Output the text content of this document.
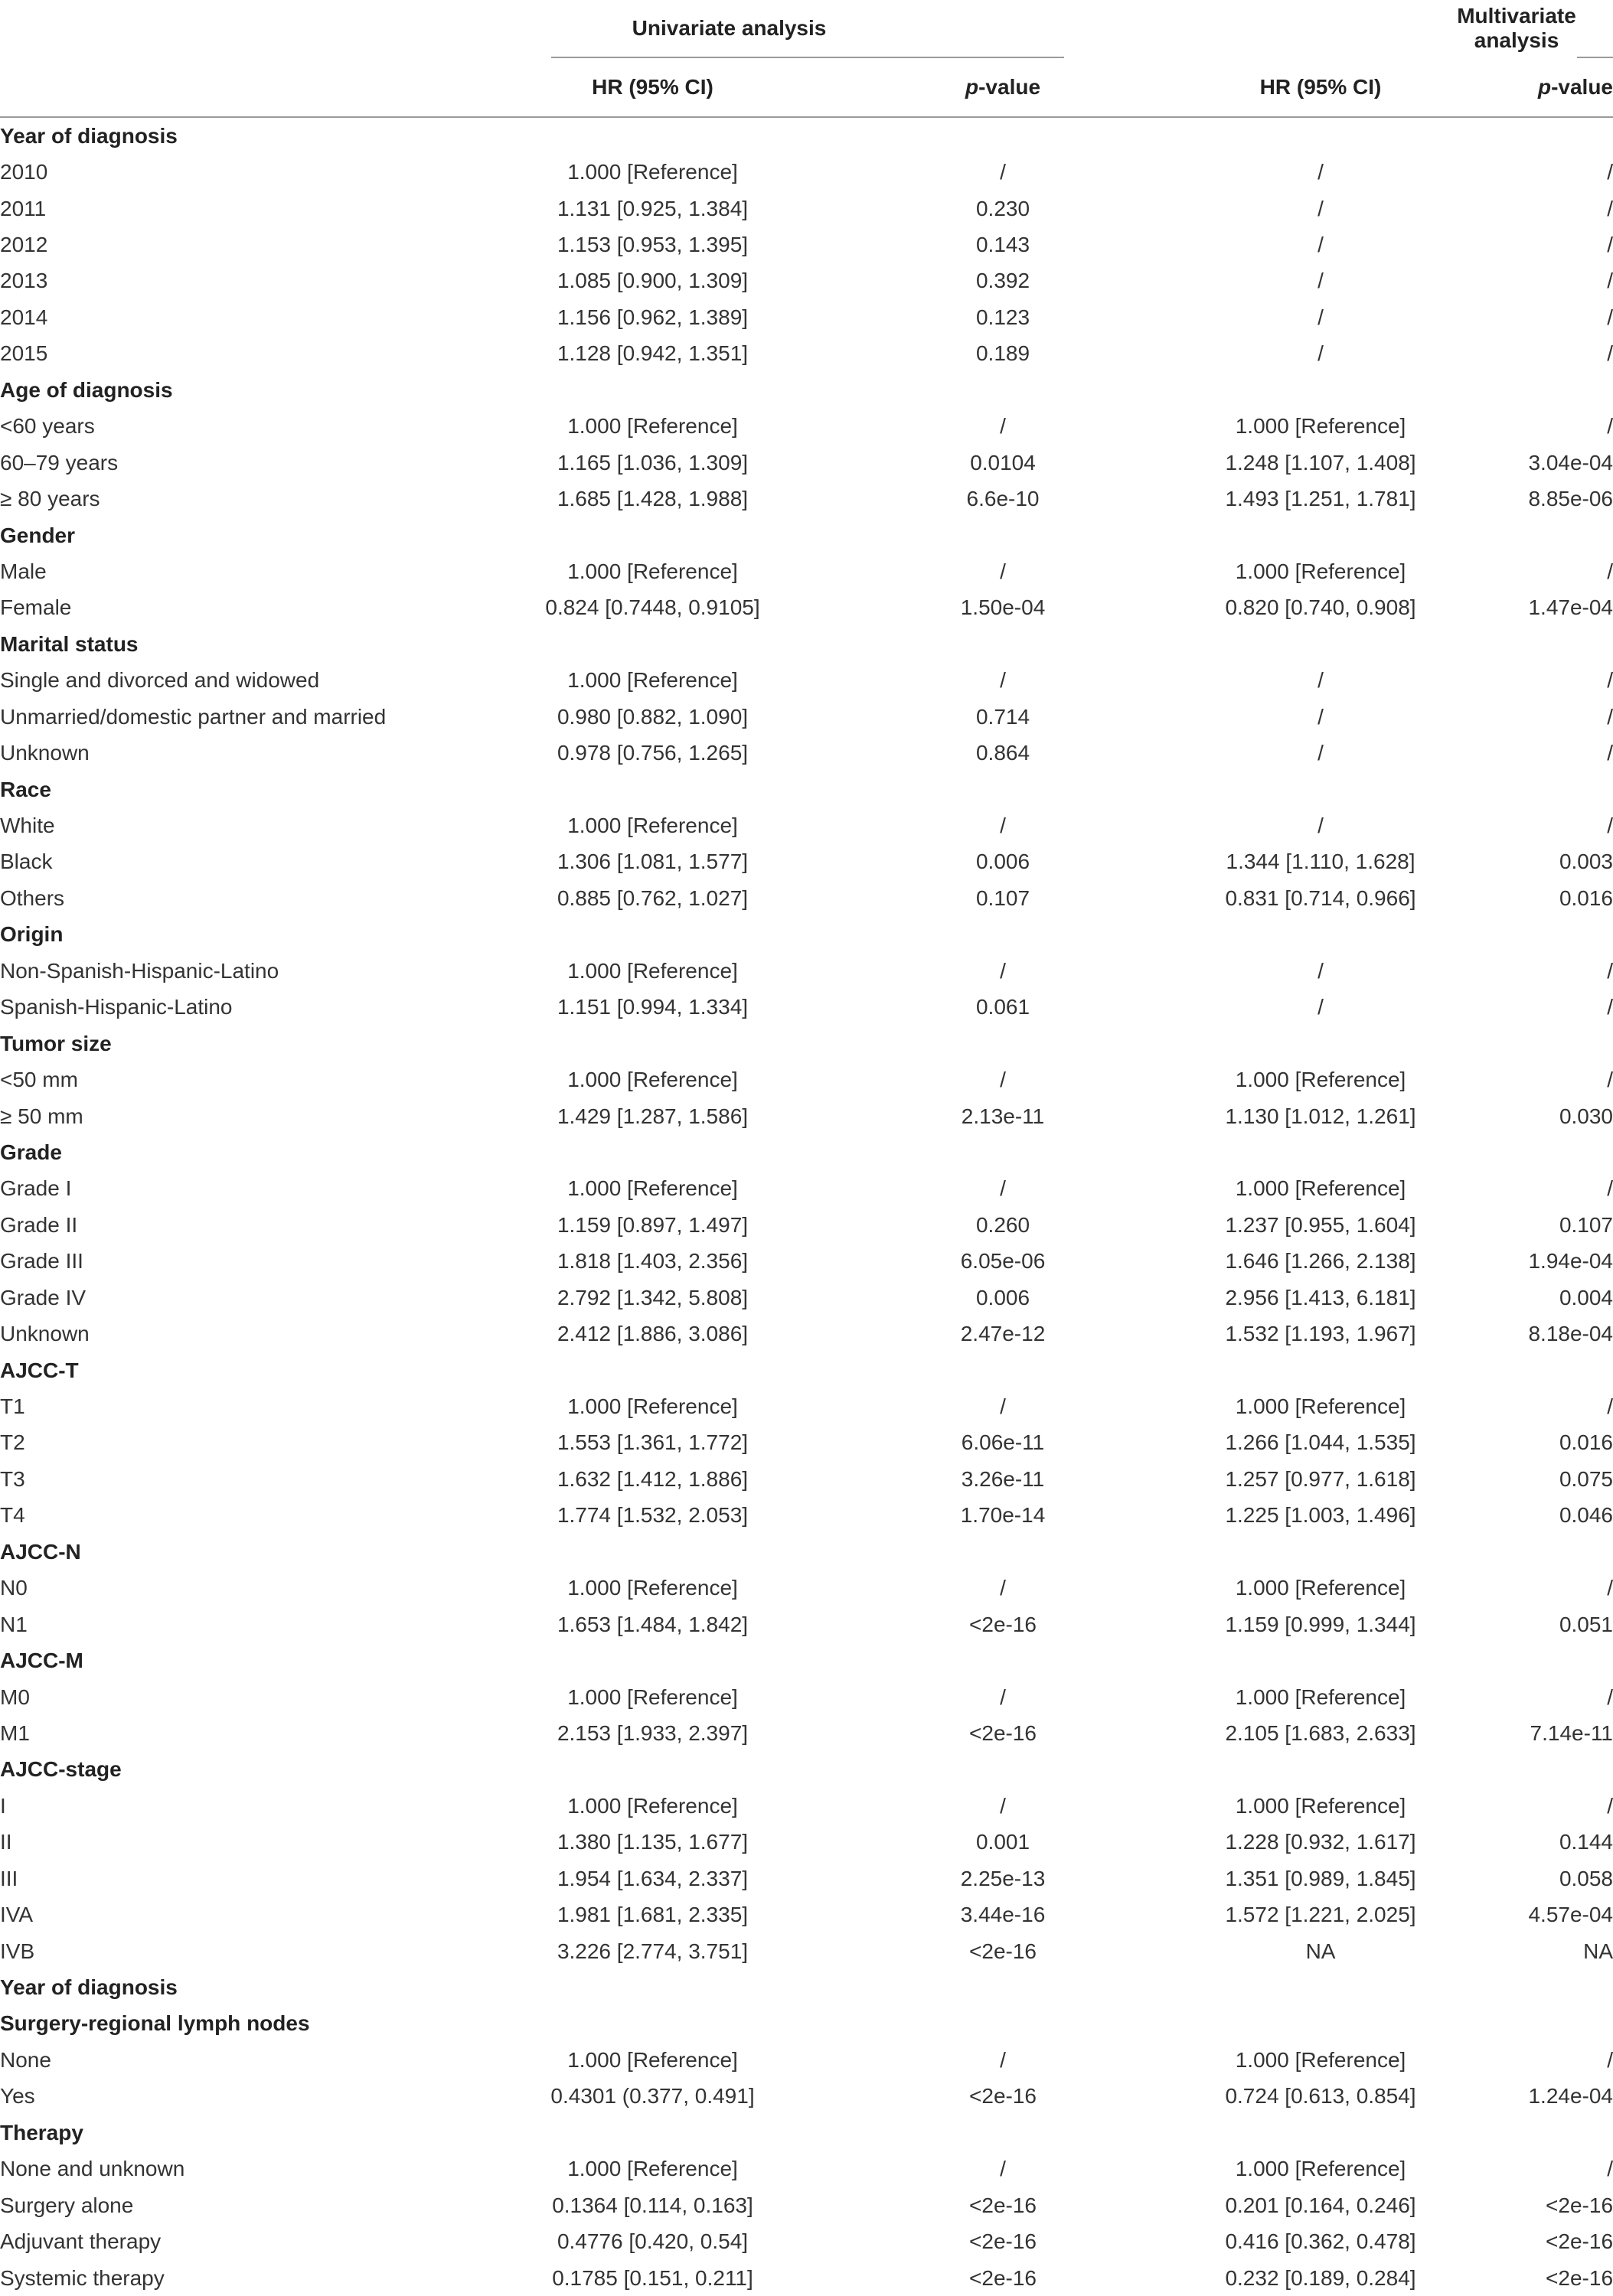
	Univariate analysis		Multivariate analysis	

	HR (95% CI)	p-value	HR (95% CI)	p-value
Year of diagnosis				
2010	1.000 [Reference]	/	/	/
2011	1.131 [0.925, 1.384]	0.230	/	/
2012	1.153 [0.953, 1.395]	0.143	/	/
2013	1.085 [0.900, 1.309]	0.392	/	/
2014	1.156 [0.962, 1.389]	0.123	/	/
2015	1.128 [0.942, 1.351]	0.189	/	/
Age of diagnosis				
<60 years	1.000 [Reference]	/	1.000 [Reference]	/
60–79 years	1.165 [1.036, 1.309]	0.0104	1.248 [1.107, 1.408]	3.04e-04
≥ 80 years	1.685 [1.428, 1.988]	6.6e-10	1.493 [1.251, 1.781]	8.85e-06
Gender				
Male	1.000 [Reference]	/	1.000 [Reference]	/
Female	0.824 [0.7448, 0.9105]	1.50e-04	0.820 [0.740, 0.908]	1.47e-04
Marital status				
Single and divorced and widowed	1.000 [Reference]	/	/	/
Unmarried/domestic partner and married	0.980 [0.882, 1.090]	0.714	/	/
Unknown	0.978 [0.756, 1.265]	0.864	/	/
Race				
White	1.000 [Reference]	/	/	/
Black	1.306 [1.081, 1.577]	0.006	1.344 [1.110, 1.628]	0.003
Others	0.885 [0.762, 1.027]	0.107	0.831 [0.714, 0.966]	0.016
Origin				
Non-Spanish-Hispanic-Latino	1.000 [Reference]	/	/	/
Spanish-Hispanic-Latino	1.151 [0.994, 1.334]	0.061	/	/
Tumor size				
<50 mm	1.000 [Reference]	/	1.000 [Reference]	/
≥ 50 mm	1.429 [1.287, 1.586]	2.13e-11	1.130 [1.012, 1.261]	0.030
Grade				
Grade I	1.000 [Reference]	/	1.000 [Reference]	/
Grade II	1.159 [0.897, 1.497]	0.260	1.237 [0.955, 1.604]	0.107
Grade III	1.818 [1.403, 2.356]	6.05e-06	1.646 [1.266, 2.138]	1.94e-04
Grade IV	2.792 [1.342, 5.808]	0.006	2.956 [1.413, 6.181]	0.004
Unknown	2.412 [1.886, 3.086]	2.47e-12	1.532 [1.193, 1.967]	8.18e-04
AJCC-T				
T1	1.000 [Reference]	/	1.000 [Reference]	/
T2	1.553 [1.361, 1.772]	6.06e-11	1.266 [1.044, 1.535]	0.016
T3	1.632 [1.412, 1.886]	3.26e-11	1.257 [0.977, 1.618]	0.075
T4	1.774 [1.532, 2.053]	1.70e-14	1.225 [1.003, 1.496]	0.046
AJCC-N				
N0	1.000 [Reference]	/	1.000 [Reference]	/
N1	1.653 [1.484, 1.842]	<2e-16	1.159 [0.999, 1.344]	0.051
AJCC-M				
M0	1.000 [Reference]	/	1.000 [Reference]	/
M1	2.153 [1.933, 2.397]	<2e-16	2.105 [1.683, 2.633]	7.14e-11
AJCC-stage				
I	1.000 [Reference]	/	1.000 [Reference]	/
II	1.380 [1.135, 1.677]	0.001	1.228 [0.932, 1.617]	0.144
III	1.954 [1.634, 2.337]	2.25e-13	1.351 [0.989, 1.845]	0.058
IVA	1.981 [1.681, 2.335]	3.44e-16	1.572 [1.221, 2.025]	4.57e-04
IVB	3.226 [2.774, 3.751]	<2e-16	NA	NA
Year of diagnosis				
Surgery-regional lymph nodes				
None	1.000 [Reference]	/	1.000 [Reference]	/
Yes	0.4301 (0.377, 0.491]	<2e-16	0.724 [0.613, 0.854]	1.24e-04
Therapy				
None and unknown	1.000 [Reference]	/	1.000 [Reference]	/
Surgery alone	0.1364 [0.114, 0.163]	<2e-16	0.201 [0.164, 0.246]	<2e-16
Adjuvant therapy	0.4776 [0.420, 0.54]	<2e-16	0.416 [0.362, 0.478]	<2e-16
Systemic therapy	0.1785 [0.151, 0.211]	<2e-16	0.232 [0.189, 0.284]	<2e-16
